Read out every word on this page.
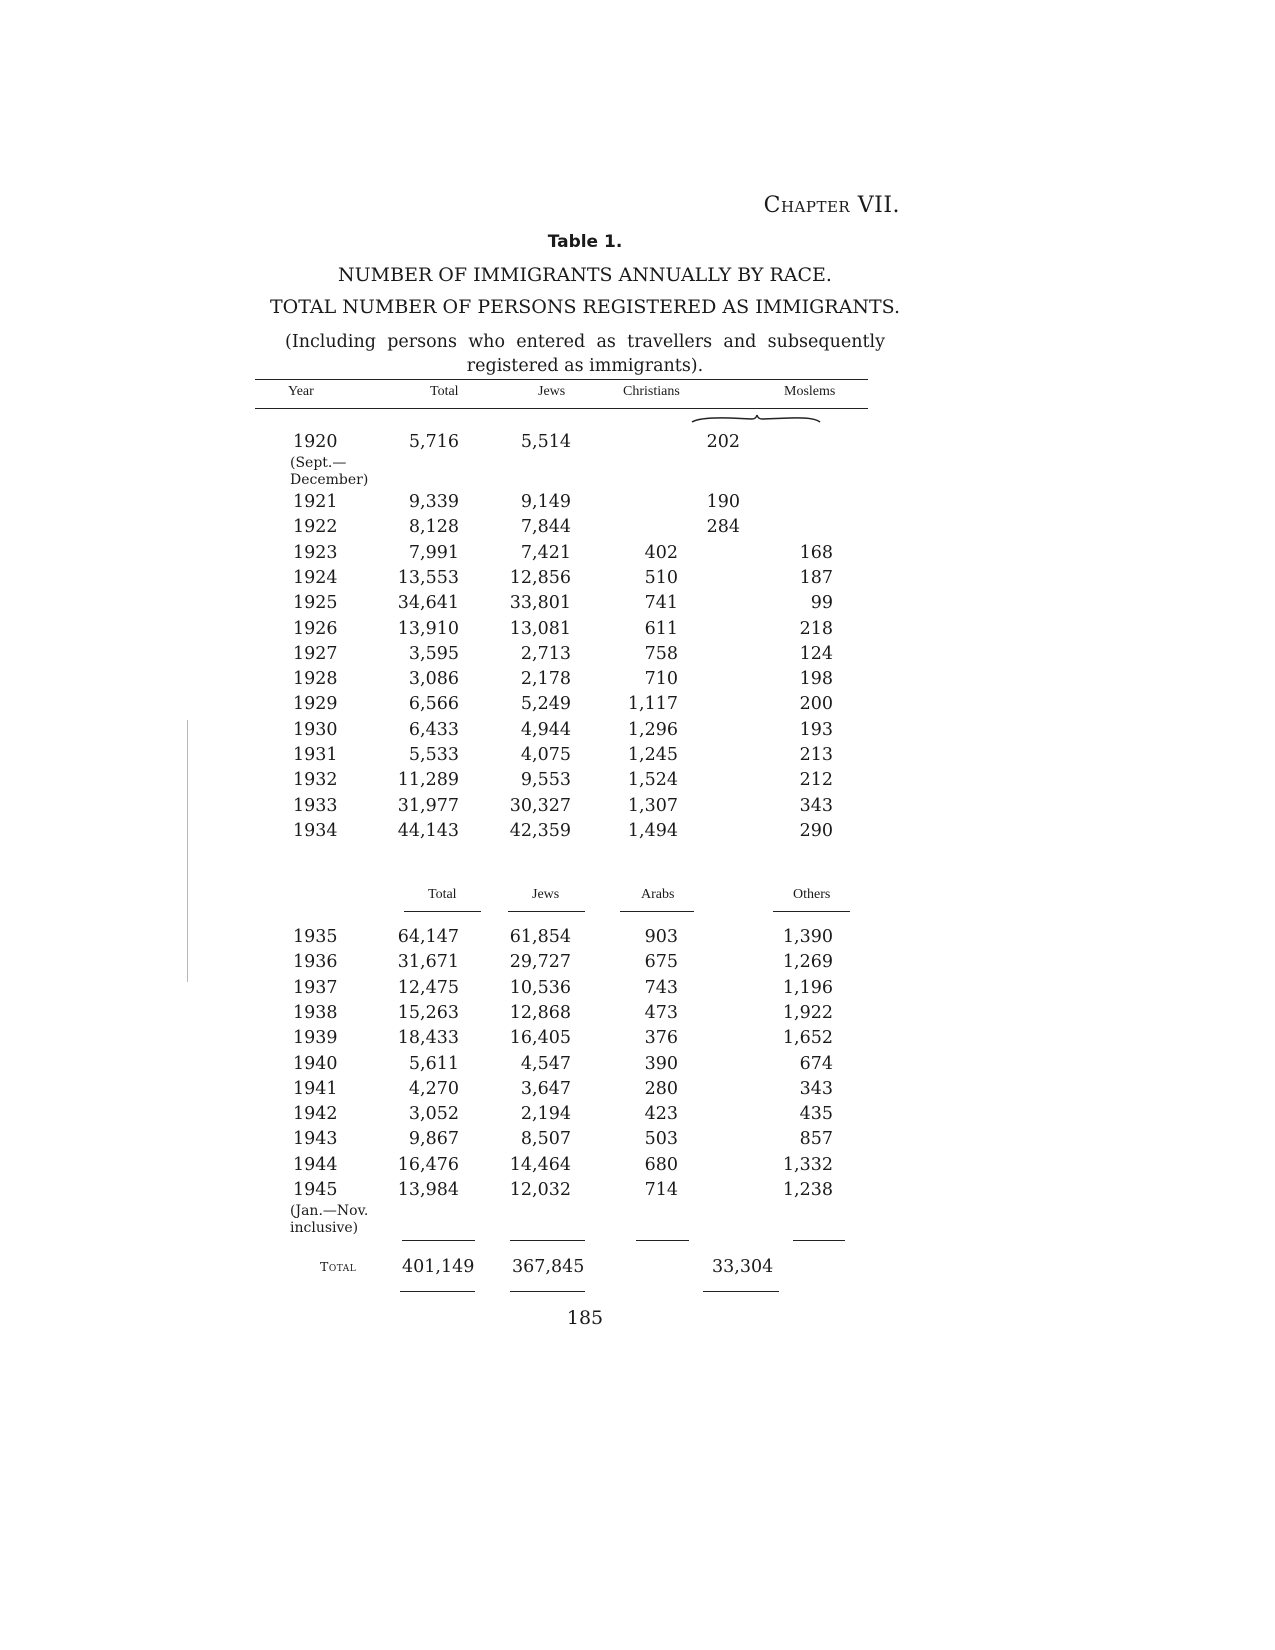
Chapter VII.
Table 1.
NUMBER OF IMMIGRANTS ANNUALLY BY RACE.
TOTAL NUMBER OF PERSONS REGISTERED AS IMMIGRANTS.
(Including persons who entered as travellers and subsequently
registered as immigrants).
Year	Total	Jews	Christians	Moslems
1920	5,716	5,514	202
(Sept.—
December)
1921	9,339	9,149	190
1922	8,128	7,844	284
1923	7,991	7,421	402	168
1924	13,553	12,856	510	187
1925	34,641	33,801	741	99
1926	13,910	13,081	611	218
1927	3,595	2,713	758	124
1928	3,086	2,178	710	198
1929	6,566	5,249	1,117	200
1930	6,433	4,944	1,296	193
1931	5,533	4,075	1,245	213
1932	11,289	9,553	1,524	212
1933	31,977	30,327	1,307	343
1934	44,143	42,359	1,494	290
Total	Jews	Arabs	Others
1935	64,147	61,854	903	1,390
1936	31,671	29,727	675	1,269
1937	12,475	10,536	743	1,196
1938	15,263	12,868	473	1,922
1939	18,433	16,405	376	1,652
1940	5,611	4,547	390	674
1941	4,270	3,647	280	343
1942	3,052	2,194	423	435
1943	9,867	8,507	503	857
1944	16,476	14,464	680	1,332
1945	13,984	12,032	714	1,238
(Jan.—Nov.
inclusive)
Total	401,149 367,845	33,304
185
